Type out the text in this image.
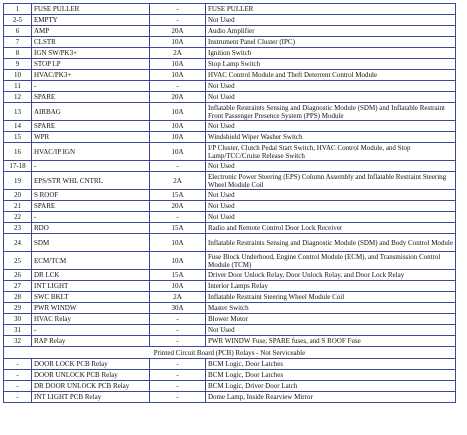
1	FUSE PULLER	-	FUSE PULLER
2-5	EMPTY	-	Not Used
6	AMP	20A	Audio Amplifier
7	CLSTR	10A	Instrument Panel Cluster (IPC)
8	IGN SW/PK3+	2A	Ignition Switch
9	STOP LP	10A	Stop Lamp Switch
10	HVAC/PK3+	10A	HVAC Control Module and Theft Deterrent Control Module
11	-	-	Not Used
12	SPARE	20A	Not Used
13	AIRBAG	10A	Inflatable Restraints Sensing and Diagnostic Module (SDM) and Inflatable Restraint Front Passenger Presence System (PPS) Module
14	SPARE	10A	Not Used
15	WPR	10A	Windshield Wiper Washer Switch
16	HVAC/IP IGN	10A	I/P Cluster, Clutch Pedal Start Switch, HVAC Control Module, and Stop Lamp/TCC/Cruise Release Switch
17-18	-	-	Not Used
19	EPS/STR WHL CNTRL	2A	Electronic Power Steering (EPS) Column Assembly and Inflatable Restraint Steering Wheel Module Coil
20	S ROOF	15A	Not Used
21	SPARE	20A	Not Used
22	-	-	Not Used
23	RDO	15A	Radio and Remote Control Door Lock Receiver
24	SDM	10A	Inflatable Restraints Sensing and Diagnostic Module (SDM) and Body Control Module
25	ECM/TCM	10A	Fuse Block Underhood, Engine Control Module (ECM), and Transmission Control Module (TCM)
26	DR LCK	15A	Driver Door Unlock Relay, Door Unlock Relay, and Door Lock Relay
27	INT LIGHT	10A	Interior Lamps Relay
28	SWC BKLT	2A	Inflatable Restraint Steering Wheel Module Coil
29	PWR WINDW	30A	Master Switch
30	HVAC Relay	-	Blower Motor
31	-	-	Not Used
32	RAP Relay	-	PWR WINDW Fuse, SPARE fuses, and S ROOF Fuse
Printed Circuit Board (PCB) Relays - Not Serviceable			
-	DOOR LOCK PCB Relay	-	BCM Logic, Door Latches
-	DOOR UNLOCK PCB Relay	-	BCM Logic, Door Latches
-	DR DOOR UNLOCK PCB Relay	-	BCM Logic, Driver Door Latch
-	INT LIGHT PCB Relay	-	Dome Lamp, Inside Rearview Mirror
